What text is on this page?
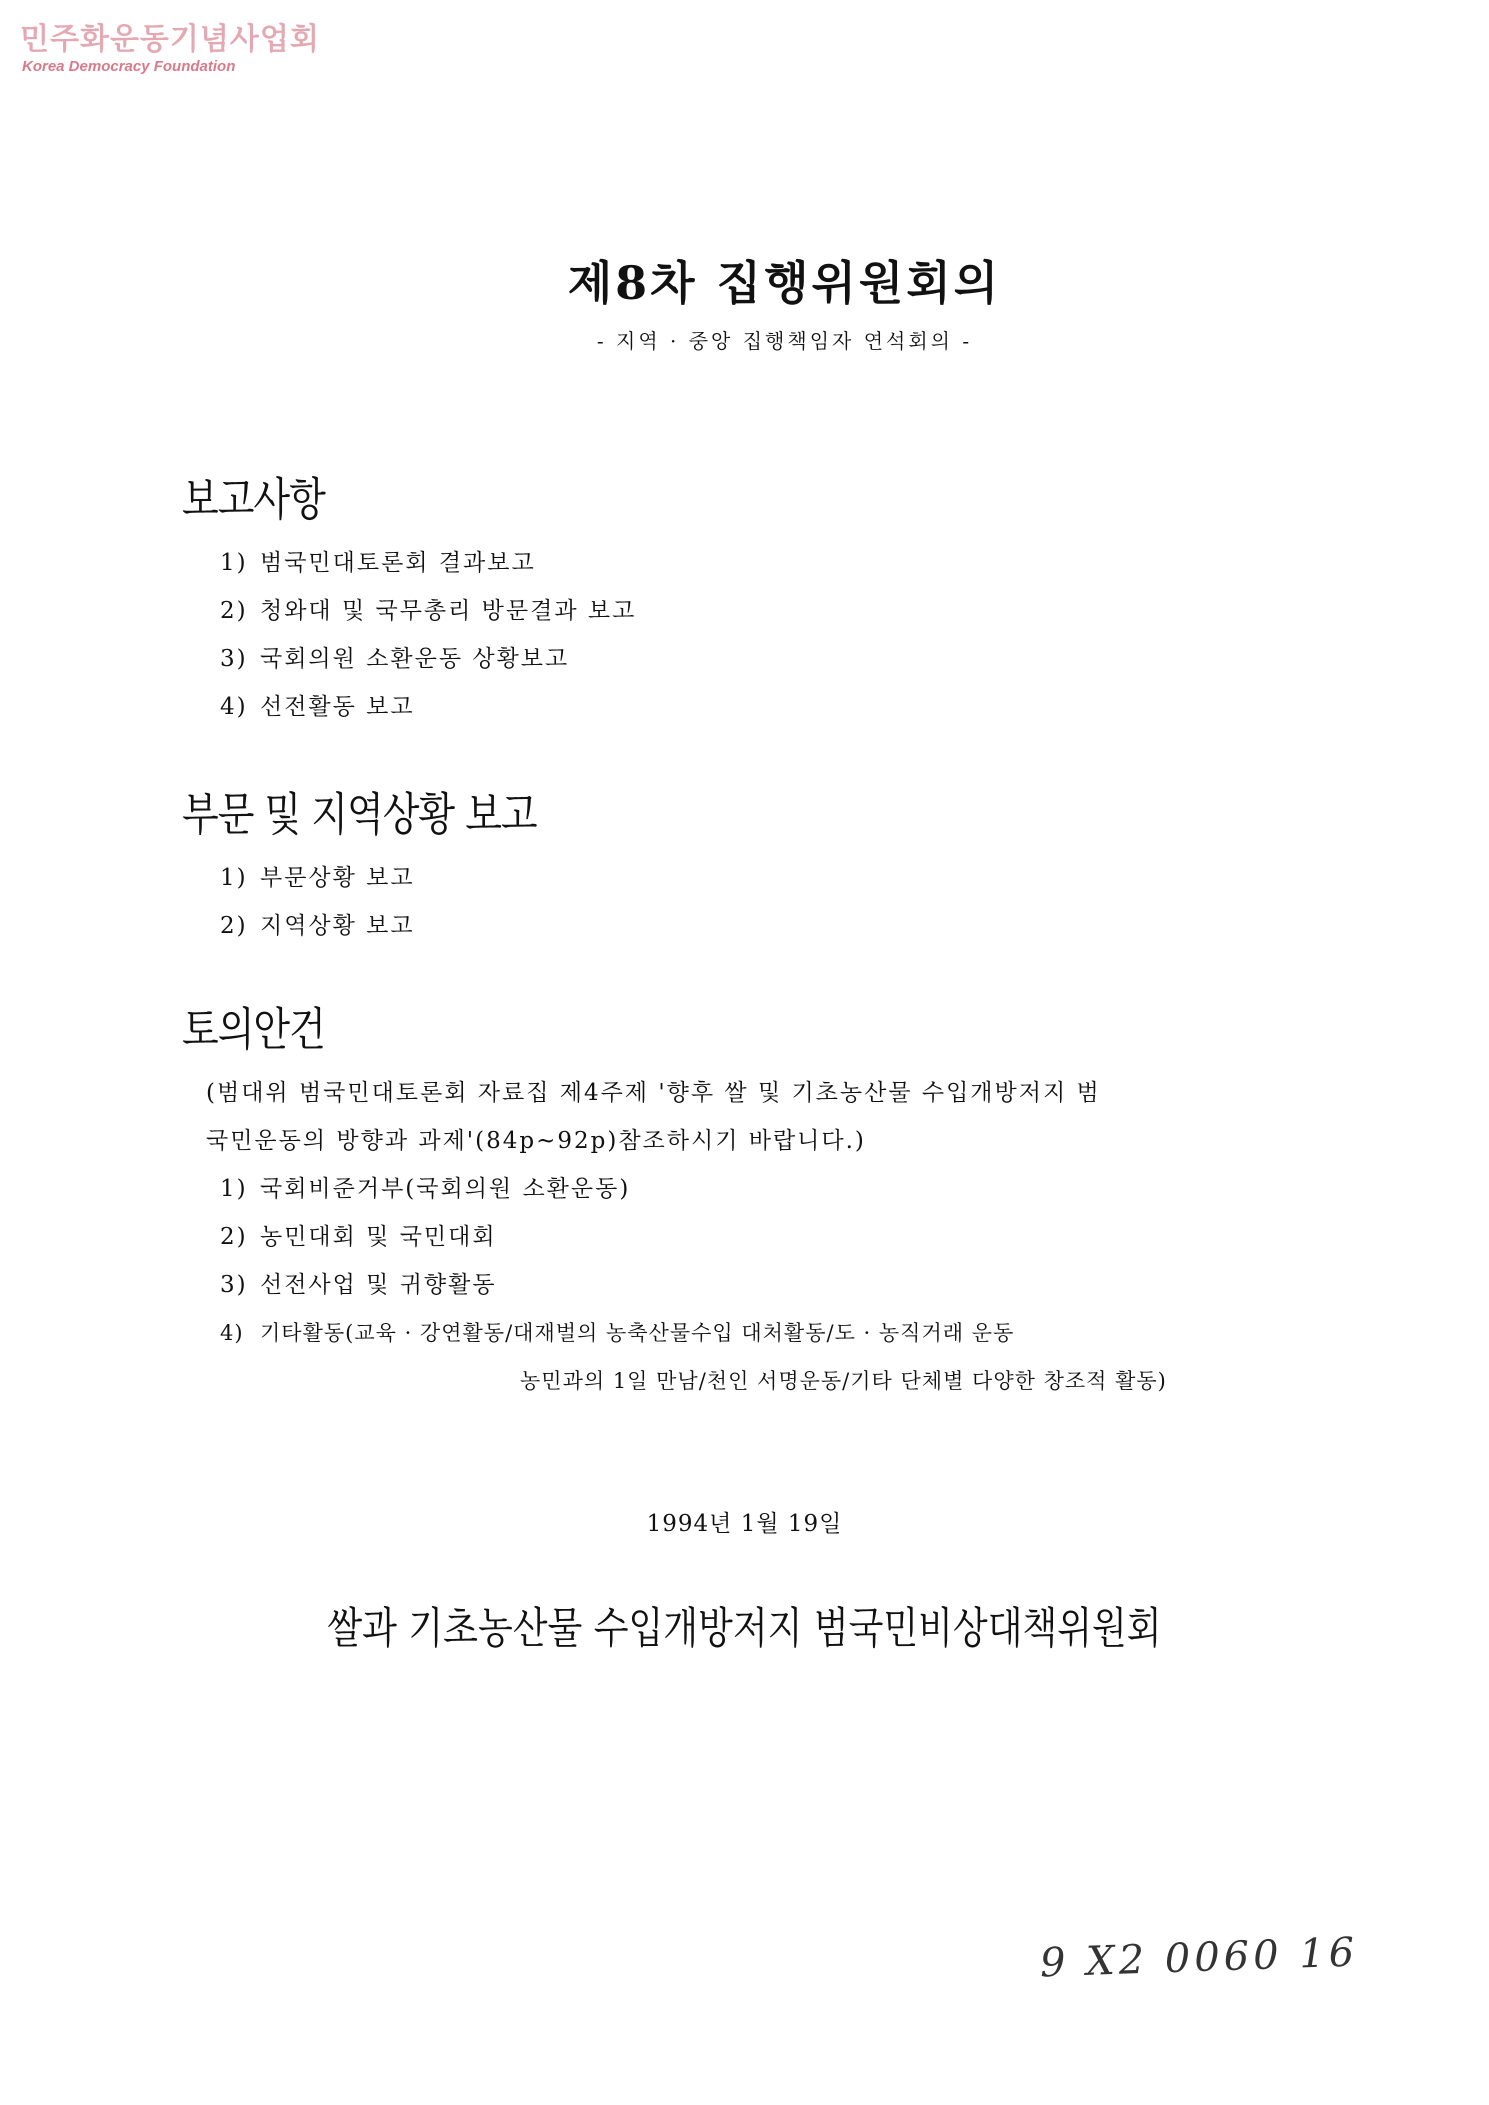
민주화운동기념사업회
Korea Democracy Foundation
제8차 집행위원회의
- 지역 · 중앙 집행책임자 연석회의 -
보고사항
1) 범국민대토론회 결과보고
2) 청와대 및 국무총리 방문결과 보고
3) 국회의원 소환운동 상황보고
4) 선전활동 보고
부문 및 지역상황 보고
1) 부문상황 보고
2) 지역상황 보고
토의안건
(범대위 범국민대토론회 자료집 제4주제 '향후 쌀 및 기초농산물 수입개방저지 범
국민운동의 방향과 과제'(84p~92p)참조하시기 바랍니다.)
1) 국회비준거부(국회의원 소환운동)
2) 농민대회 및 국민대회
3) 선전사업 및 귀향활동
4) 기타활동(교육 · 강연활동/대재벌의 농축산물수입 대처활동/도 · 농직거래 운동
농민과의 1일 만남/천인 서명운동/기타 단체별 다양한 창조적 활동)
1994년 1월 19일
쌀과 기초농산물 수입개방저지 범국민비상대책위원회
9 X2 0060 16
